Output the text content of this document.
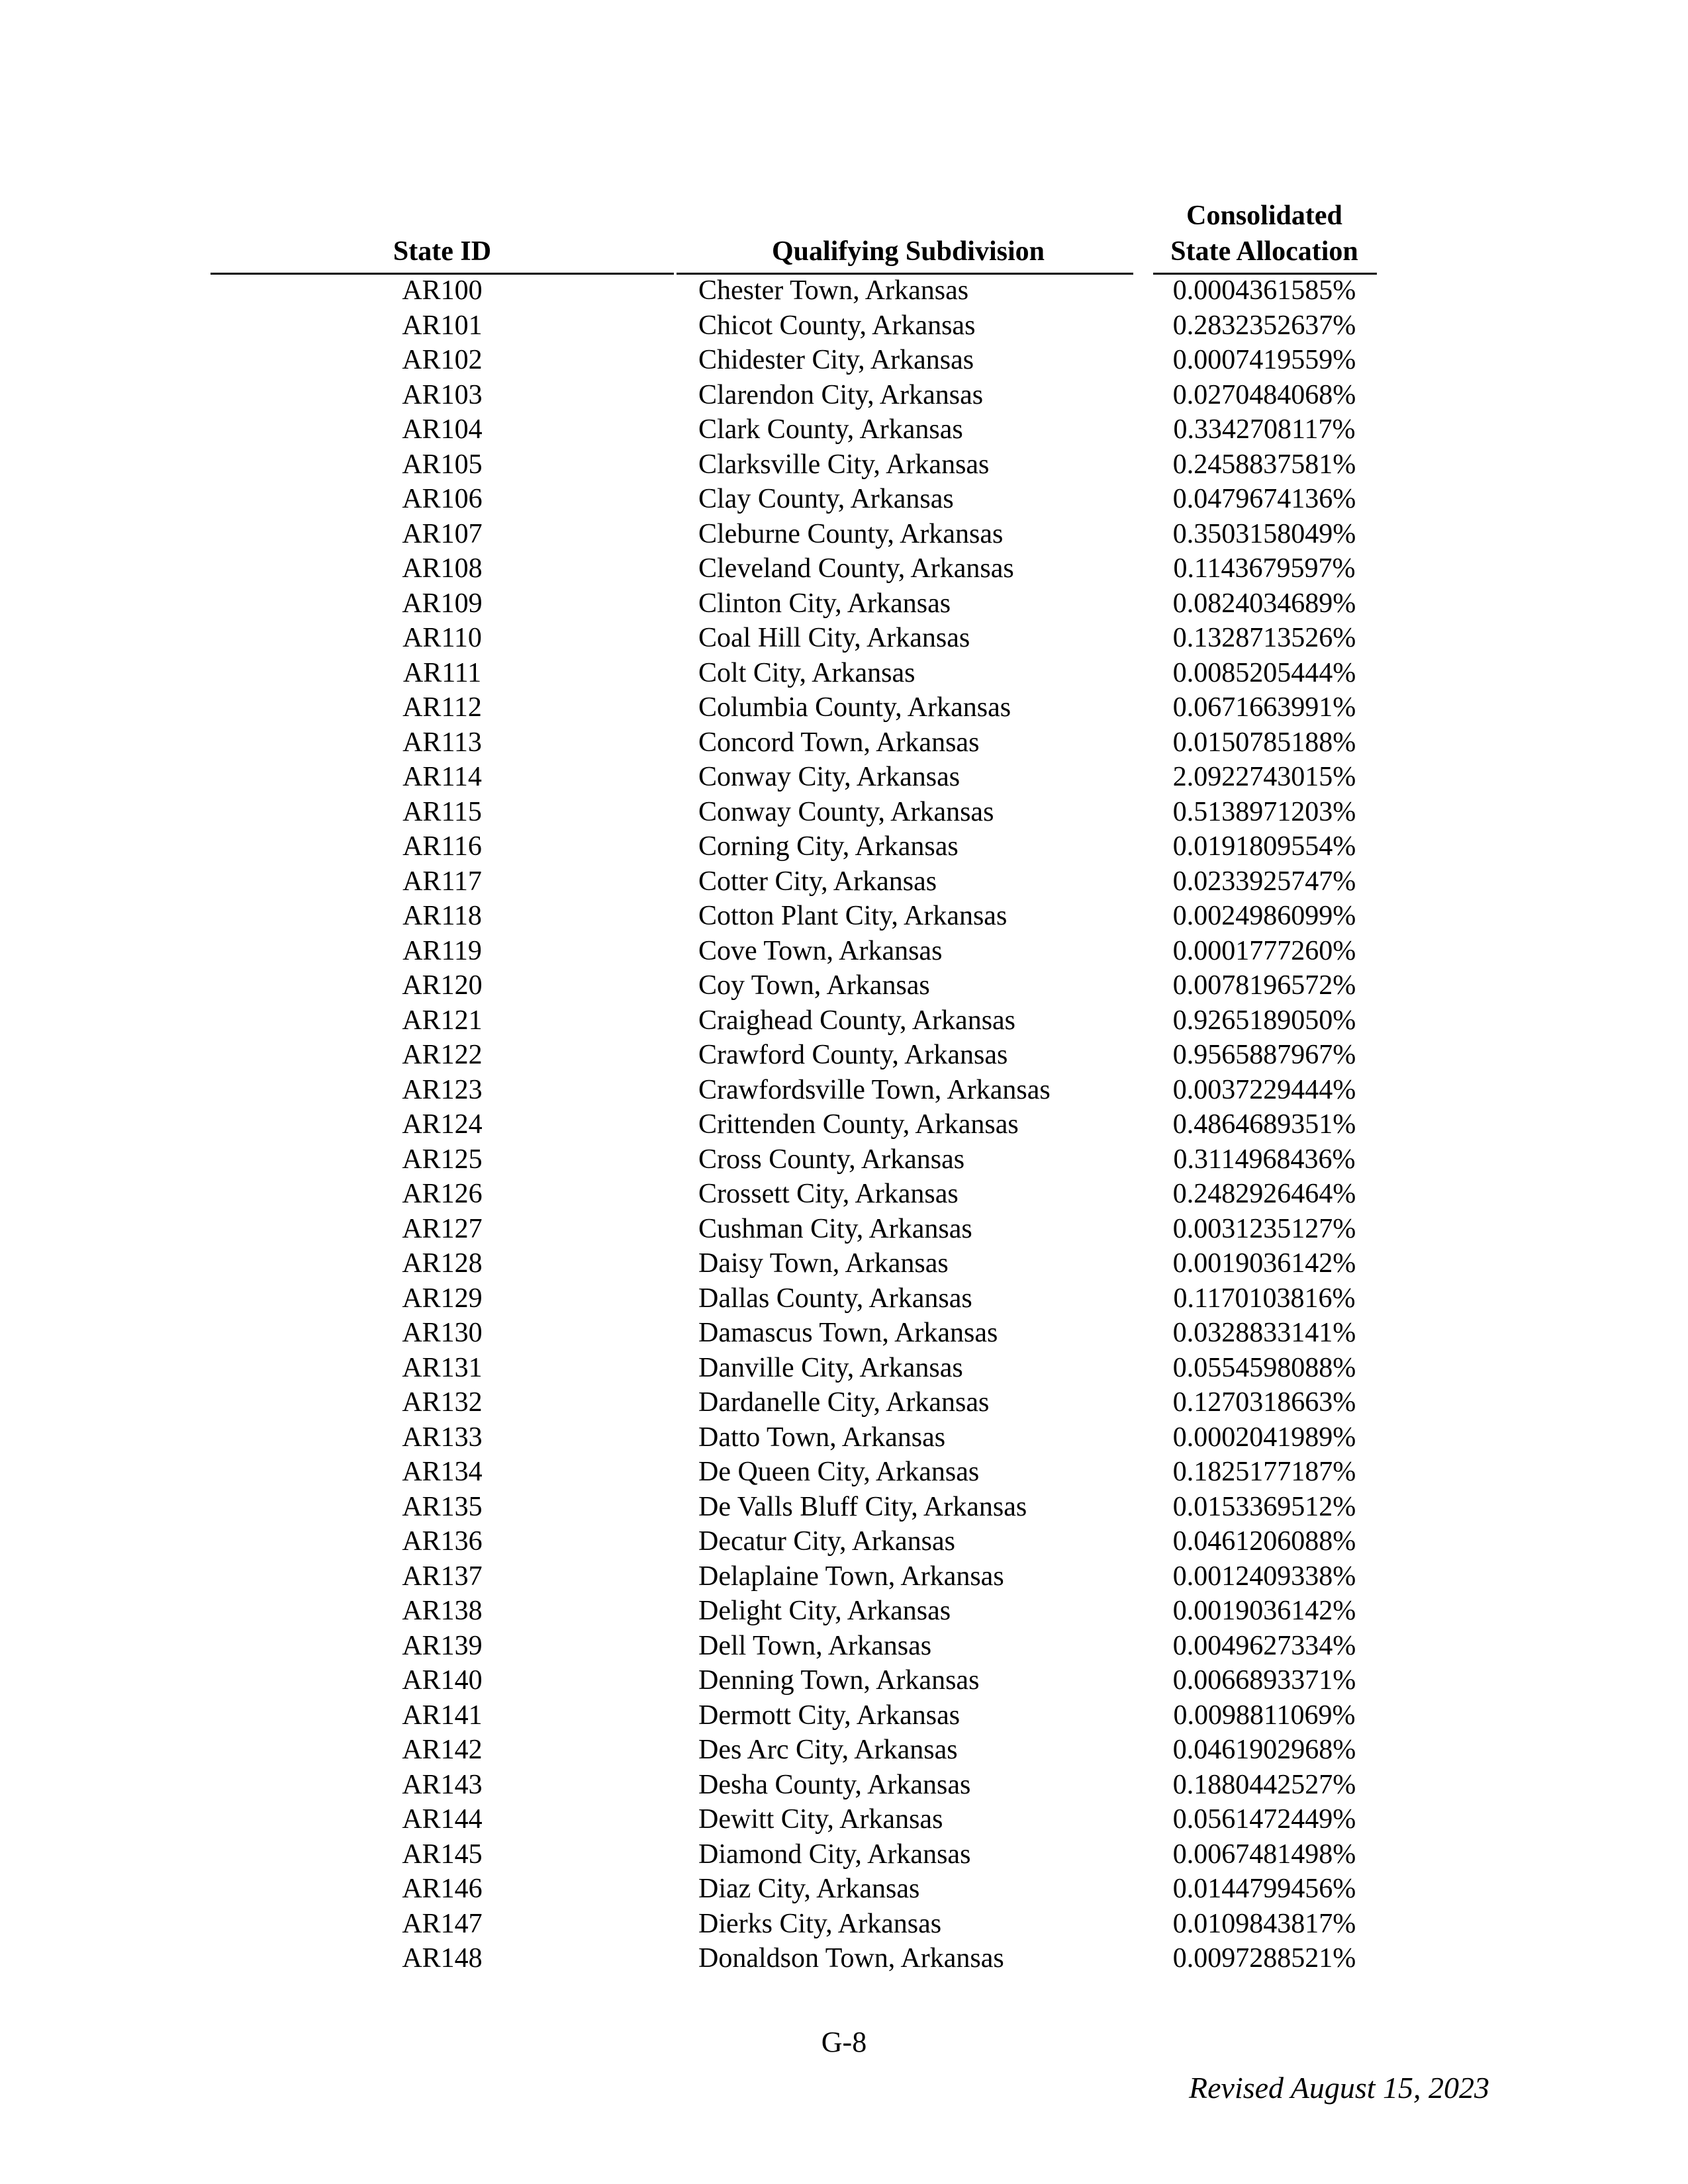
State ID	Qualifying Subdivision
Consolidated
State Allocation
AR100	Chester Town, Arkansas	0.0004361585%
AR101	Chicot County, Arkansas	0.2832352637%
AR102	Chidester City, Arkansas	0.0007419559%
AR103	Clarendon City, Arkansas	0.0270484068%
AR104	Clark County, Arkansas	0.3342708117%
AR105	Clarksville City, Arkansas	0.2458837581%
AR106	Clay County, Arkansas	0.0479674136%
AR107	Cleburne County, Arkansas	0.3503158049%
AR108	Cleveland County, Arkansas	0.1143679597%
AR109	Clinton City, Arkansas	0.0824034689%
AR110	Coal Hill City, Arkansas	0.1328713526%
AR111	Colt City, Arkansas	0.0085205444%
AR112	Columbia County, Arkansas	0.0671663991%
AR113	Concord Town, Arkansas	0.0150785188%
AR114	Conway City, Arkansas	2.0922743015%
AR115	Conway County, Arkansas	0.5138971203%
AR116	Corning City, Arkansas	0.0191809554%
AR117	Cotter City, Arkansas	0.0233925747%
AR118	Cotton Plant City, Arkansas	0.0024986099%
AR119	Cove Town, Arkansas	0.0001777260%
AR120	Coy Town, Arkansas	0.0078196572%
AR121	Craighead County, Arkansas	0.9265189050%
AR122	Crawford County, Arkansas	0.9565887967%
AR123	Crawfordsville Town, Arkansas	0.0037229444%
AR124	Crittenden County, Arkansas	0.4864689351%
AR125	Cross County, Arkansas	0.3114968436%
AR126	Crossett City, Arkansas	0.2482926464%
AR127	Cushman City, Arkansas	0.0031235127%
AR128	Daisy Town, Arkansas	0.0019036142%
AR129	Dallas County, Arkansas	0.1170103816%
AR130	Damascus Town, Arkansas	0.0328833141%
AR131	Danville City, Arkansas	0.0554598088%
AR132	Dardanelle City, Arkansas	0.1270318663%
AR133	Datto Town, Arkansas	0.0002041989%
AR134	De Queen City, Arkansas	0.1825177187%
AR135	De Valls Bluff City, Arkansas	0.0153369512%
AR136	Decatur City, Arkansas	0.0461206088%
AR137	Delaplaine Town, Arkansas	0.0012409338%
AR138	Delight City, Arkansas	0.0019036142%
AR139	Dell Town, Arkansas	0.0049627334%
AR140	Denning Town, Arkansas	0.0066893371%
AR141	Dermott City, Arkansas	0.0098811069%
AR142	Des Arc City, Arkansas	0.0461902968%
AR143	Desha County, Arkansas	0.1880442527%
AR144	Dewitt City, Arkansas	0.0561472449%
AR145	Diamond City, Arkansas	0.0067481498%
AR146	Diaz City, Arkansas	0.0144799456%
AR147	Dierks City, Arkansas	0.0109843817%
AR148	Donaldson Town, Arkansas	0.0097288521%
G-8
Revised August 15, 2023
